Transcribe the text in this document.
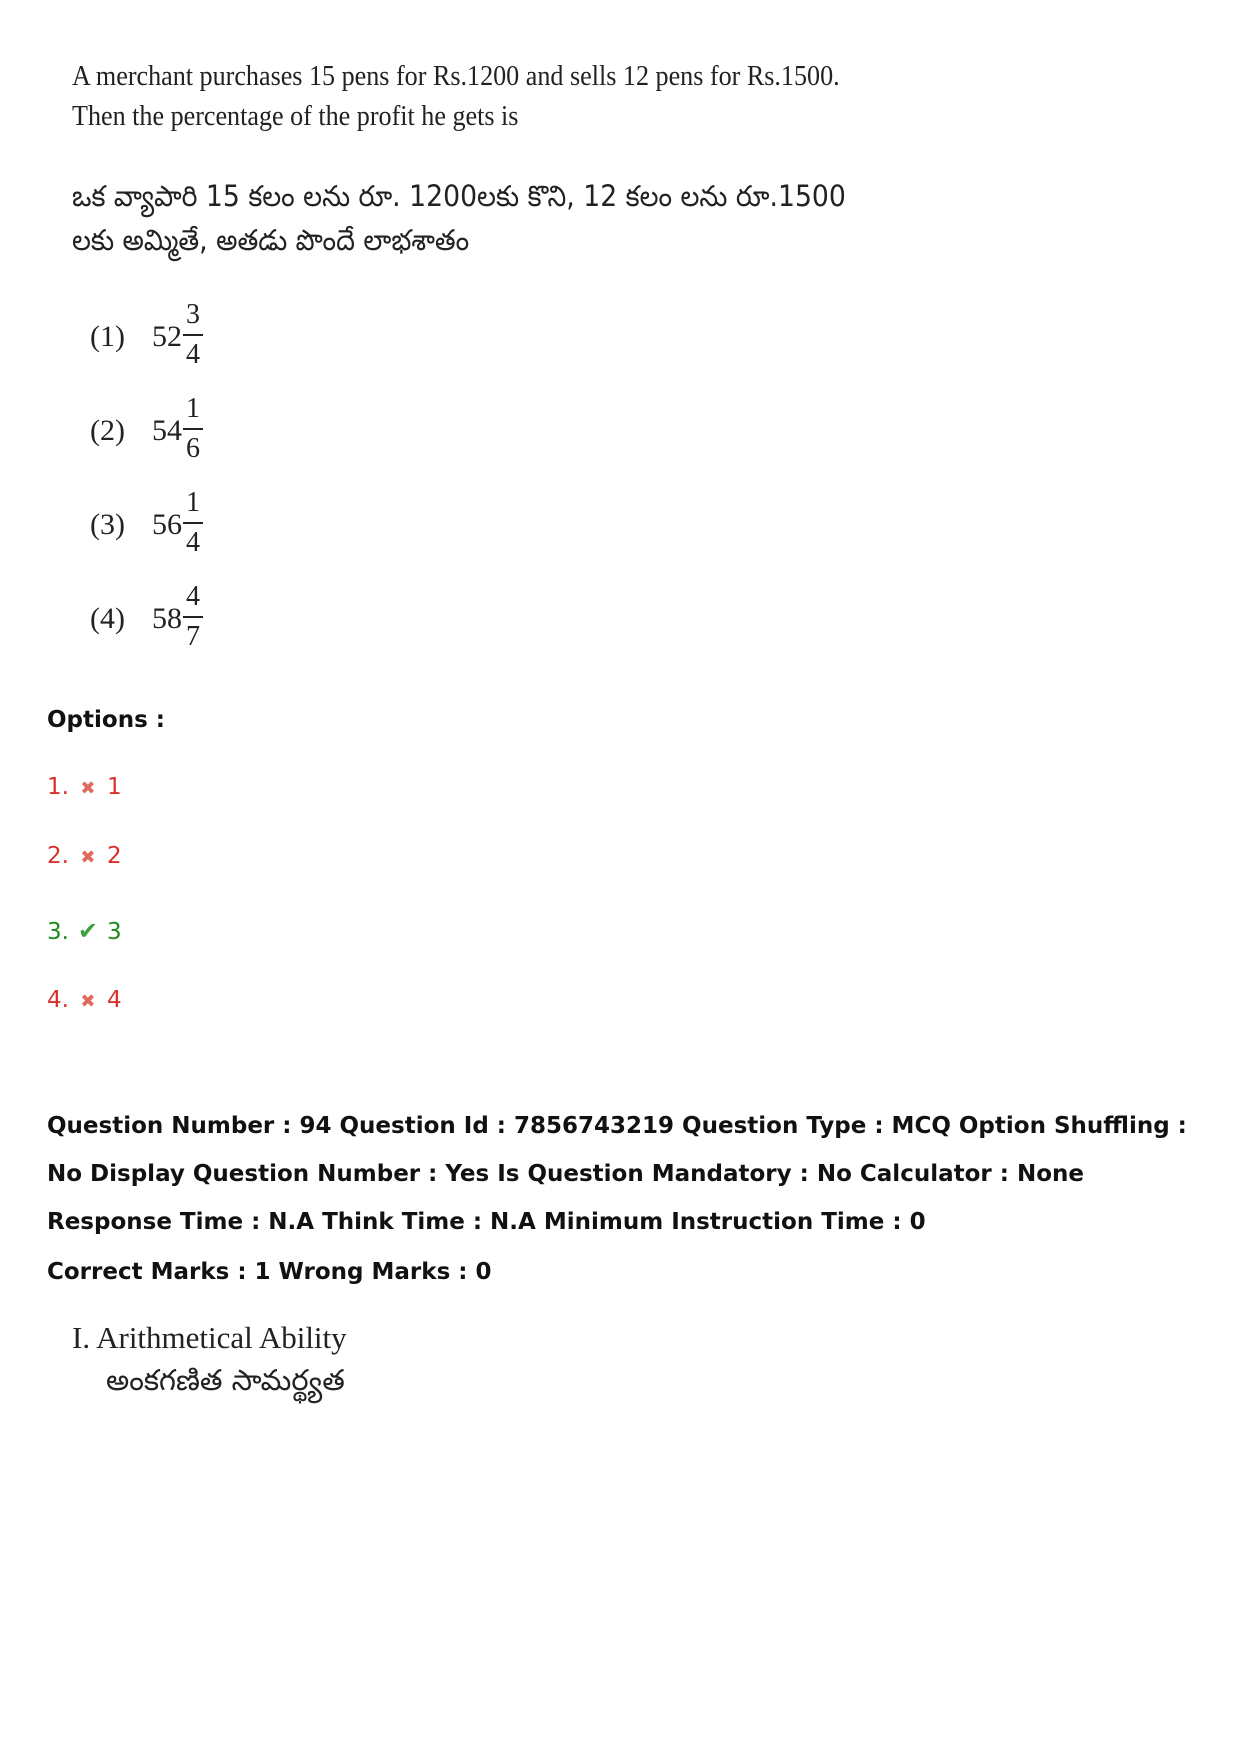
A merchant purchases 15 pens for Rs.1200 and sells 12 pens for Rs.1500.
Then the percentage of the profit he gets is
ఒక వ్యాపారి 15 కలం లను రూ. 1200లకు కొని, 12 కలం లను రూ.1500
లకు అమ్మితే, అతడు పొందే లాభశాతం
(1) 52
3
4
(2) 54
1
6
(3) 56
1
4
(4) 58
4
7
Options :
1. ✖ 1
2. ✖ 2
3. ✔ 3
4. ✖ 4
Question Number : 94 Question Id : 7856743219 Question Type : MCQ Option Shuffling : No Display Question Number : Yes Is Question Mandatory : No Calculator : None Response Time : N.A Think Time : N.A Minimum Instruction Time : 0
Correct Marks : 1 Wrong Marks : 0
I. Arithmetical Ability
అంకగణిత సామర్థ్యత
